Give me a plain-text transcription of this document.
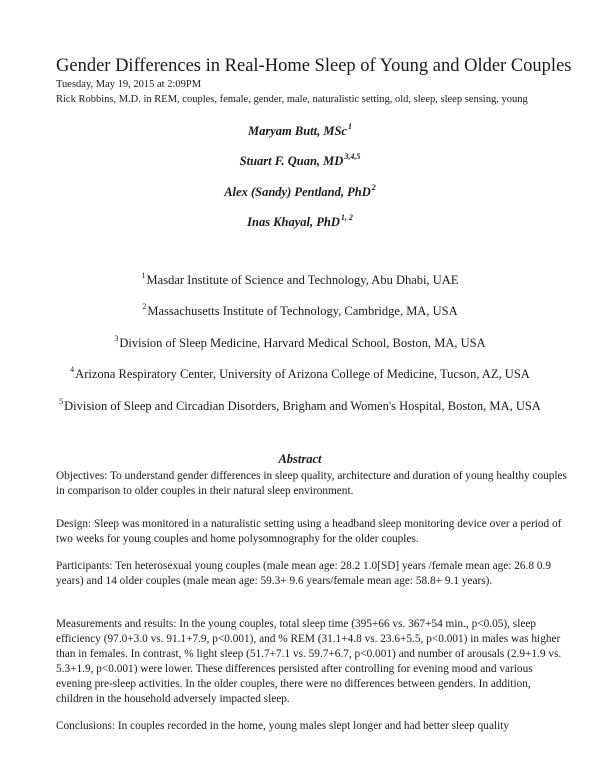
Gender Differences in Real-Home Sleep of Young and Older Couples
Tuesday, May 19, 2015 at 2:09PM
Rick Robbins, M.D. in REM, couples, female, gender, male, naturalistic setting, old, sleep, sleep sensing, young
Maryam Butt, MSc$^1$
Stuart F. Quan, MD$^{3,4,5}$
Alex (Sandy) Pentland, PhD$^2$
Inas Khayal, PhD$^{1, 2}$
$^1$Masdar Institute of Science and Technology, Abu Dhabi, UAE
$^2$Massachusetts Institute of Technology, Cambridge, MA, USA
$^3$Division of Sleep Medicine, Harvard Medical School, Boston, MA, USA
$^4$Arizona Respiratory Center, University of Arizona College of Medicine, Tucson, AZ, USA
$^5$Division of Sleep and Circadian Disorders, Brigham and Women's Hospital, Boston, MA, USA
Abstract

Objectives: To understand gender differences in sleep quality, architecture and duration of young healthy couples in comparison to older couples in their natural sleep environment.

Design: Sleep was monitored in a naturalistic setting using a headband sleep monitoring device over a period of two weeks for young couples and home polysomnography for the older couples.

Participants: Ten heterosexual young couples (male mean age: 28.2 1.0[SD] years /female mean age: 26.8 0.9 years) and 14 older couples (male mean age: 59.3+ 9.6 years/female mean age: 58.8+ 9.1 years).

Measurements and results: In the young couples, total sleep time (395+66 vs. 367+54 min., p<0.05), sleep efficiency (97.0+3.0 vs. 91.1+7.9, p<0.001), and % REM (31.1+4.8 vs. 23.6+5.5, p<0.001) in males was higher than in females. In contrast, % light sleep (51.7+7.1 vs. 59.7+6.7, p<0.001) and number of arousals (2.9+1.9 vs. 5.3+1.9, p<0.001) were lower. These differences persisted after controlling for evening mood and various evening pre-sleep activities. In the older couples, there were no differences between genders. In addition, children in the household adversely impacted sleep.

Conclusions: In couples recorded in the home, young males slept longer and had better sleep quality
